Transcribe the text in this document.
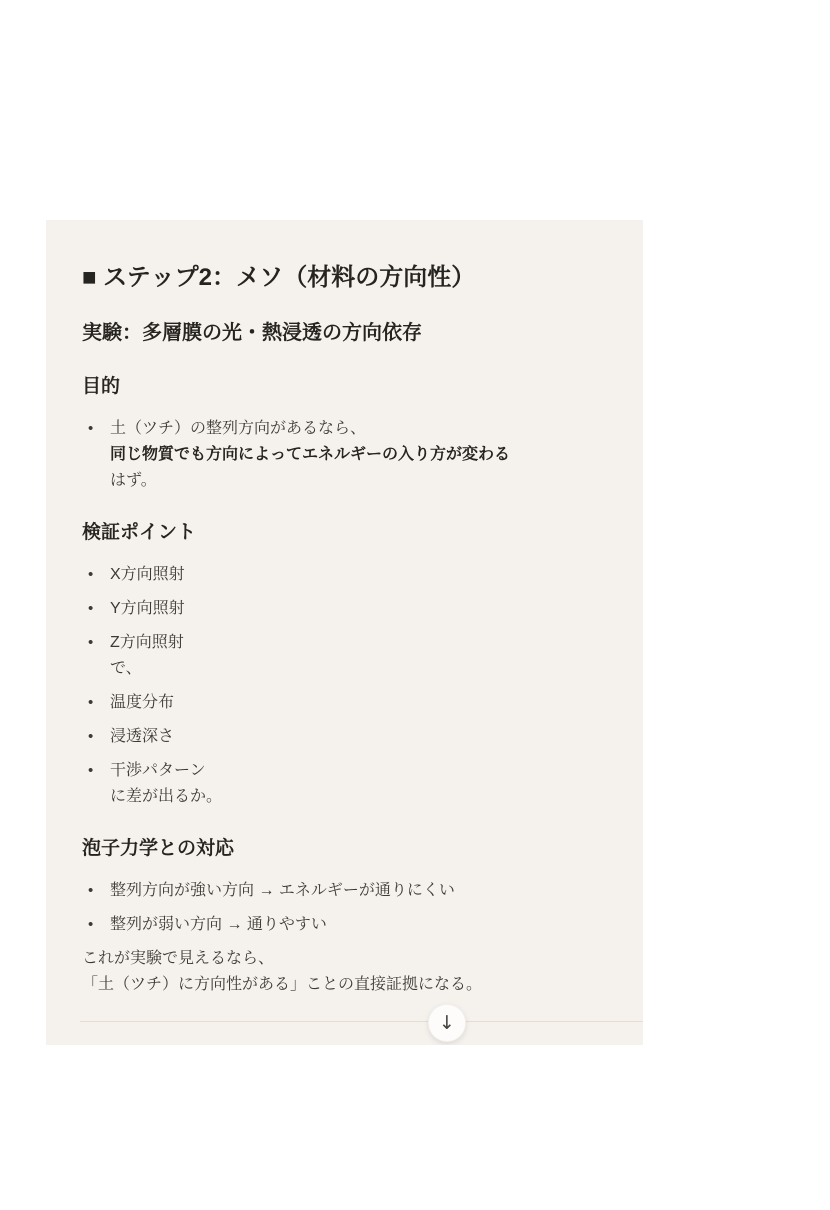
■ ステップ2：メソ（材料の方向性）
実験：多層膜の光・熱浸透の方向依存
目的
•	土（ツチ）の整列方向があるなら、
同じ物質でも方向によってエネルギーの入り方が変わる
はず。
検証ポイント
•	X方向照射
•	Y方向照射
•	Z方向照射
で、
•	温度分布
•	浸透深さ
•	干渉パターン
に差が出るか。
泡子力学との対応
•	整列方向が強い方向 → エネルギーが通りにくい
•	整列が弱い方向 → 通りやすい

これが実験で見えるなら、
「土（ツチ）に方向性がある」ことの直接証拠になる。

↓
